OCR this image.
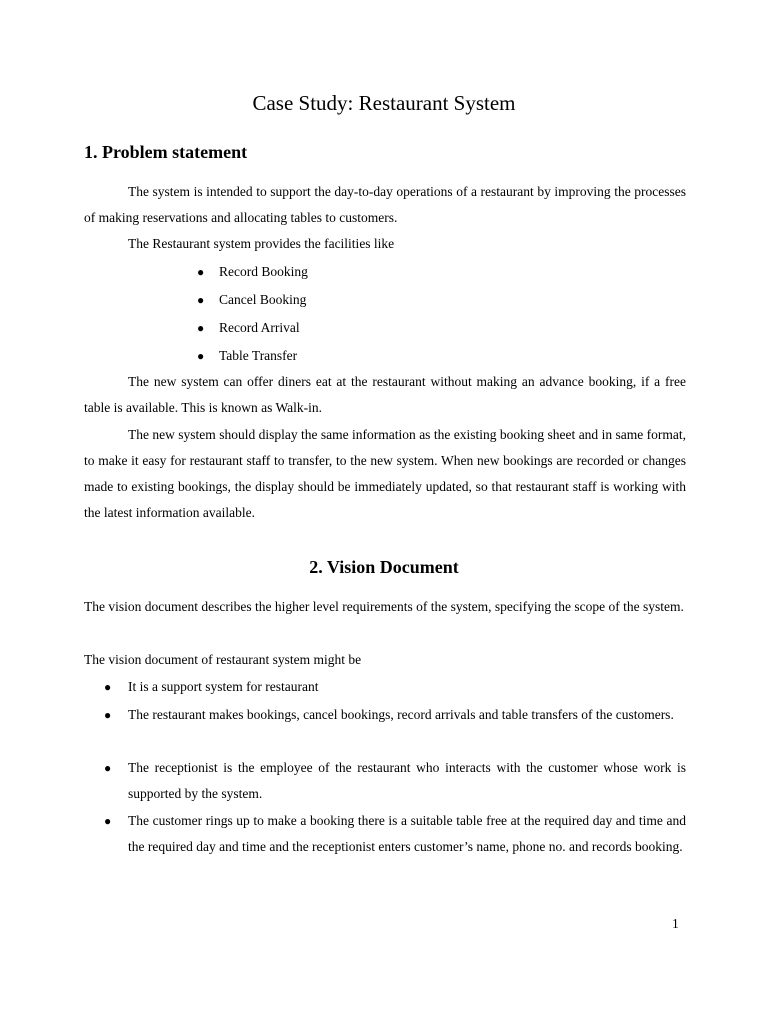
Case Study: Restaurant System
1. Problem statement

The system is intended to support the day-to-day operations of a restaurant by improving the processes of making reservations and allocating tables to customers.

The Restaurant system provides the facilities like

● Record Booking
● Cancel Booking
● Record Arrival
● Table Transfer

The new system can offer diners eat at the restaurant without making an advance booking, if a free table is available. This is known as Walk-in.

The new system should display the same information as the existing booking sheet and in same format, to make it easy for restaurant staff to transfer, to the new system. When new bookings are recorded or changes made to existing bookings, the display should be immediately updated, so that restaurant staff is working with the latest information available.

2. Vision Document

The vision document describes the higher level requirements of the system, specifying the scope of the system.

The vision document of restaurant system might be

● It is a support system for restaurant

● The restaurant makes bookings, cancel bookings, record arrivals and table transfers of the customers.

● The receptionist is the employee of the restaurant who interacts with the customer whose work is supported by the system.

● The customer rings up to make a booking there is a suitable table free at the required day and time and the required day and time and the receptionist enters customer’s name, phone no. and records booking.

1
